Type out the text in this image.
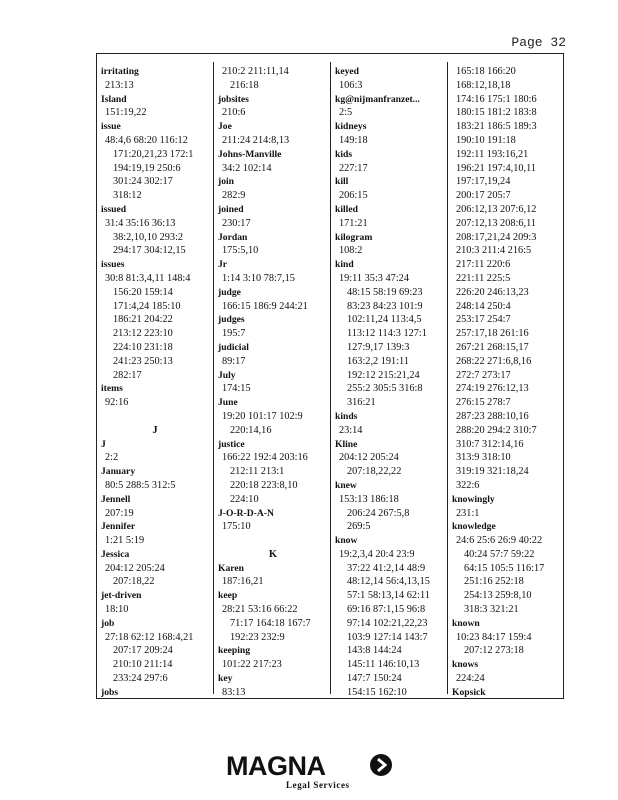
Page 32
irritating
213:13
Island
151:19,22
issue
48:4,6 68:20 116:12
171:20,21,23 172:1
194:19,19 250:6
301:24 302:17
318:12
issued
31:4 35:16 36:13
38:2,10,10 293:2
294:17 304:12,15
issues
30:8 81:3,4,11 148:4
156:20 159:14
171:4,24 185:10
186:21 204:22
213:12 223:10
224:10 231:18
241:23 250:13
282:17
items
92:16
J
J
2:2
January
80:5 288:5 312:5
Jennell
207:19
Jennifer
1:21 5:19
Jessica
204:12 205:24
207:18,22
jet-driven
18:10
job
27:18 62:12 168:4,21
207:17 209:24
210:10 211:14
233:24 297:6
jobs
210:2 211:11,14
216:18
jobsites
210:6
Joe
211:24 214:8,13
Johns-Manville
34:2 102:14
join
282:9
joined
230:17
Jordan
175:5,10
Jr
1:14 3:10 78:7,15
judge
166:15 186:9 244:21
judges
195:7
judicial
89:17
July
174:15
June
19:20 101:17 102:9
220:14,16
justice
166:22 192:4 203:16
212:11 213:1
220:18 223:8,10
224:10
J-O-R-D-A-N
175:10
K
Karen
187:16,21
keep
28:21 53:16 66:22
71:17 164:18 167:7
192:23 232:9
keeping
101:22 217:23
key
83:13
keyed
106:3
kg@nijmanfranzet...
2:5
kidneys
149:18
kids
227:17
kill
206:15
killed
171:21
kilogram
108:2
kind
19:11 35:3 47:24
48:15 58:19 69:23
83:23 84:23 101:9
102:11,24 113:4,5
113:12 114:3 127:1
127:9,17 139:3
163:2,2 191:11
192:12 215:21,24
255:2 305:5 316:8
316:21
kinds
23:14
Kline
204:12 205:24
207:18,22,22
knew
153:13 186:18
206:24 267:5,8
269:5
know
19:2,3,4 20:4 23:9
37:22 41:2,14 48:9
48:12,14 56:4,13,15
57:1 58:13,14 62:11
69:16 87:1,15 96:8
97:14 102:21,22,23
103:9 127:14 143:7
143:8 144:24
145:11 146:10,13
147:7 150:24
154:15 162:10
165:18 166:20
168:12,18,18
174:16 175:1 180:6
180:15 181:2 183:8
183:21 186:5 189:3
190:10 191:18
192:11 193:16,21
196:21 197:4,10,11
197:17,19,24
200:17 205:7
206:12,13 207:6,12
207:12,13 208:6,11
208:17,21,24 209:3
210:3 211:4 216:5
217:11 220:6
221:11 225:5
226:20 246:13,23
248:14 250:4
253:17 254:7
257:17,18 261:16
267:21 268:15,17
268:22 271:6,8,16
272:7 273:17
274:19 276:12,13
276:15 278:7
287:23 288:10,16
288:20 294:2 310:7
310:7 312:14,16
313:9 318:10
319:19 321:18,24
322:6
knowingly
231:1
knowledge
24:6 25:6 26:9 40:22
40:24 57:7 59:22
64:15 105:5 116:17
251:16 252:18
254:13 259:8,10
318:3 321:21
known
10:23 84:17 159:4
207:12 273:18
knows
224:24
Kopsick
MAGNA
Legal Services
